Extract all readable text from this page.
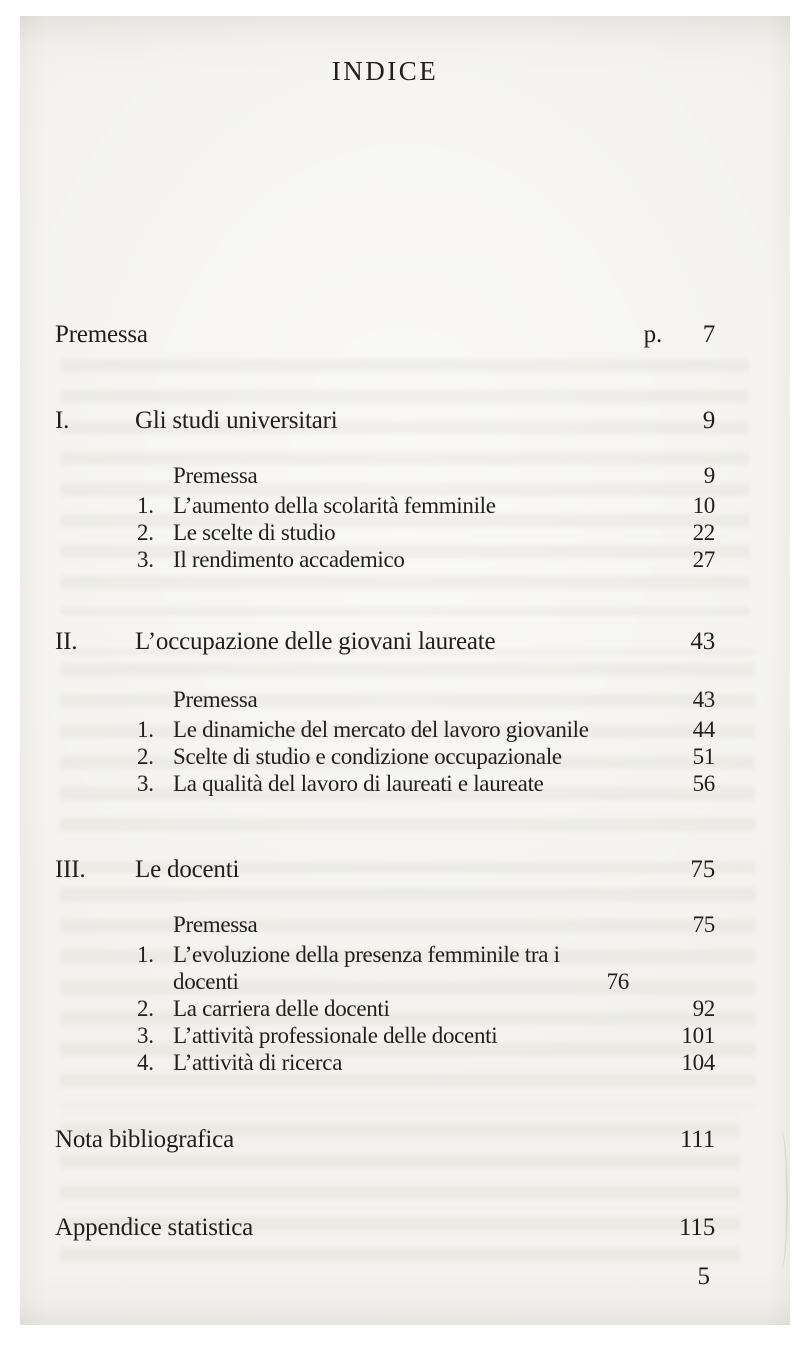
INDICE
Premessa	p.	7
I.	Gli studi universitari	9
Premessa	9
1. L’aumento della scolarità femminile	10
2. Le scelte di studio	22
3. Il rendimento accademico	27
II.	L’occupazione delle giovani laureate	43
Premessa	43
1. Le dinamiche del mercato del lavoro giovanile	44
2. Scelte di studio e condizione occupazionale	51
3. La qualità del lavoro di laureati e laureate	56
III.	Le docenti	75
Premessa	75
1. L’evoluzione della presenza femminile tra i docenti	76
2. La carriera delle docenti	92
3. L’attività professionale delle docenti	101
4. L’attività di ricerca	104
Nota bibliografica	111
Appendice statistica	115
5
